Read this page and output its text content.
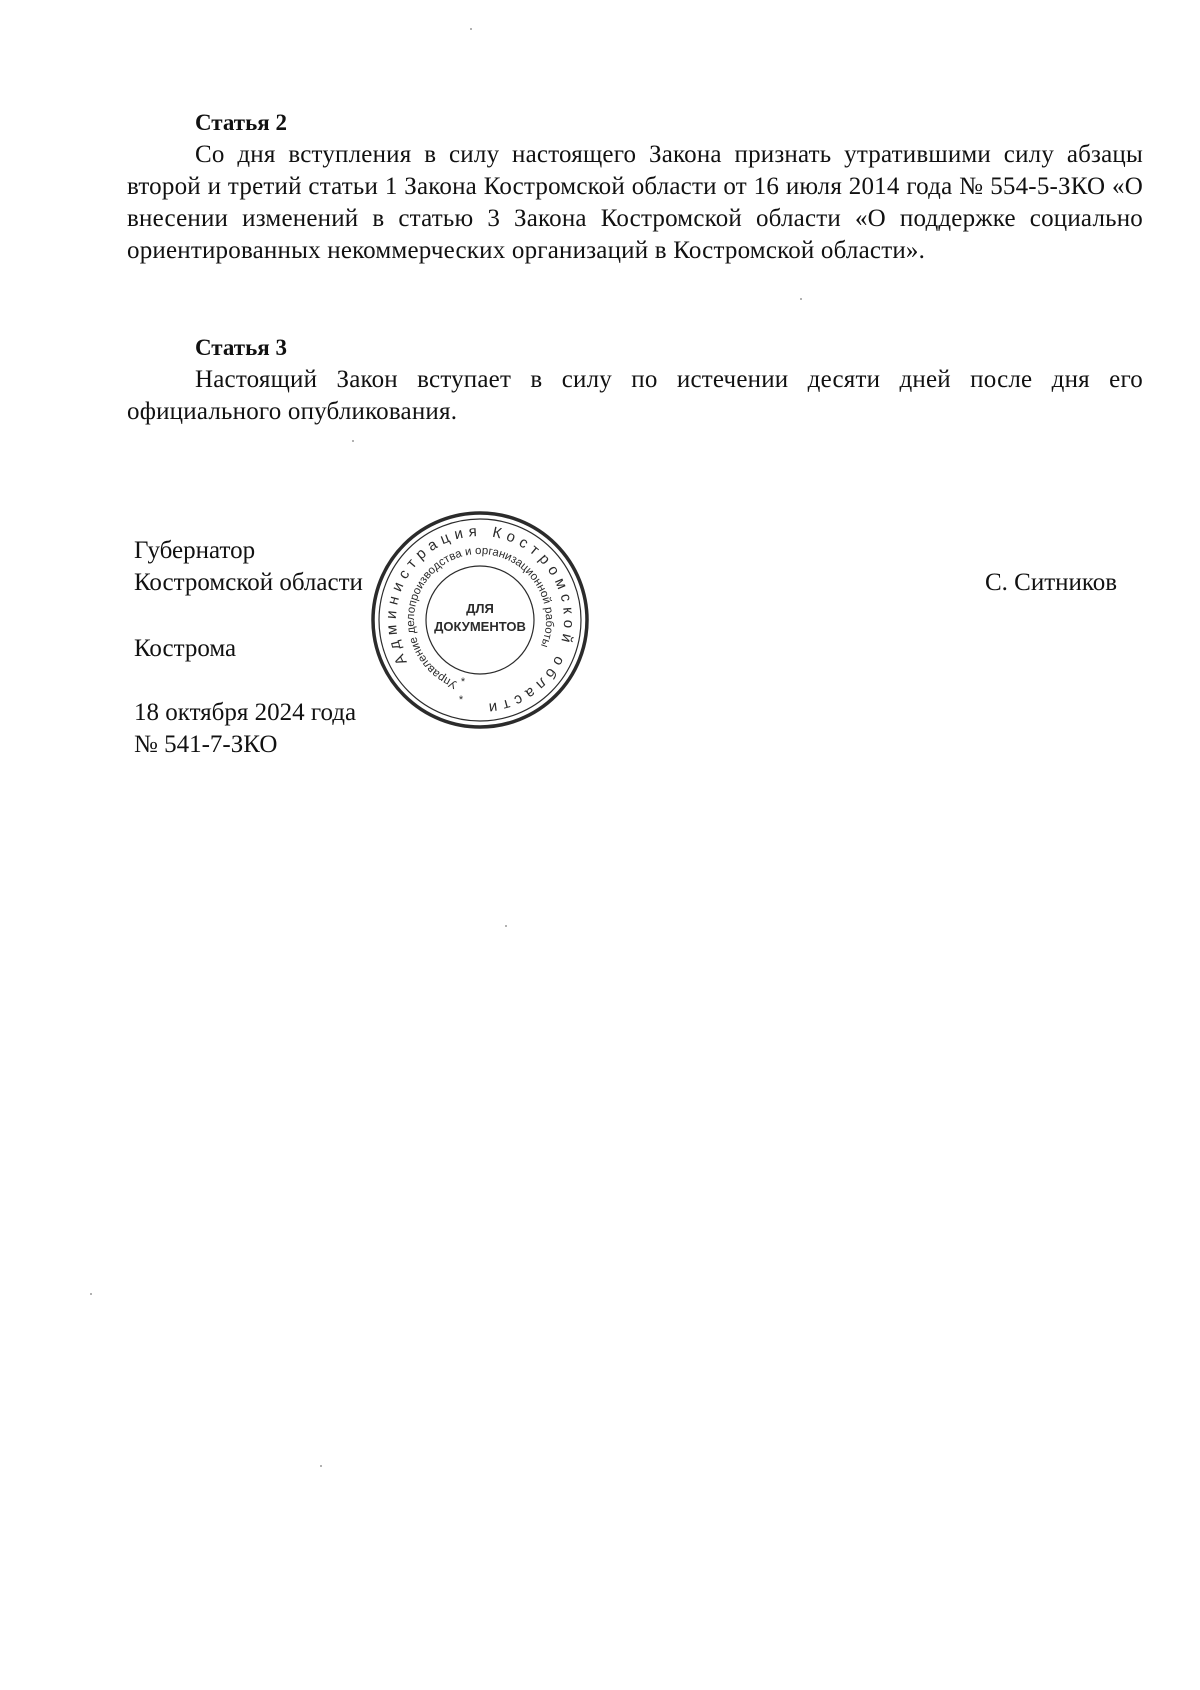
Статья 2

Со дня вступления в силу настоящего Закона признать утратившими силу абзацы второй и третий статьи 1 Закона Костромской области от 16 июля 2014 года № 554-5-ЗКО «О внесении изменений в статью 3 Закона Костромской области «О поддержке социально ориентированных некоммерческих организаций в Костромской области».

Статья 3

Настоящий Закон вступает в силу по истечении десяти дней после дня его официального опубликования.

Губернатор
Костромской области	С. Ситников
Кострома
18 октября 2024 года
№ 541-7-ЗКО
Администрация Костромской области
Управление делопроизводства и организационной работы
ДЛЯ
ДОКУМЕНТОВ
*
*
